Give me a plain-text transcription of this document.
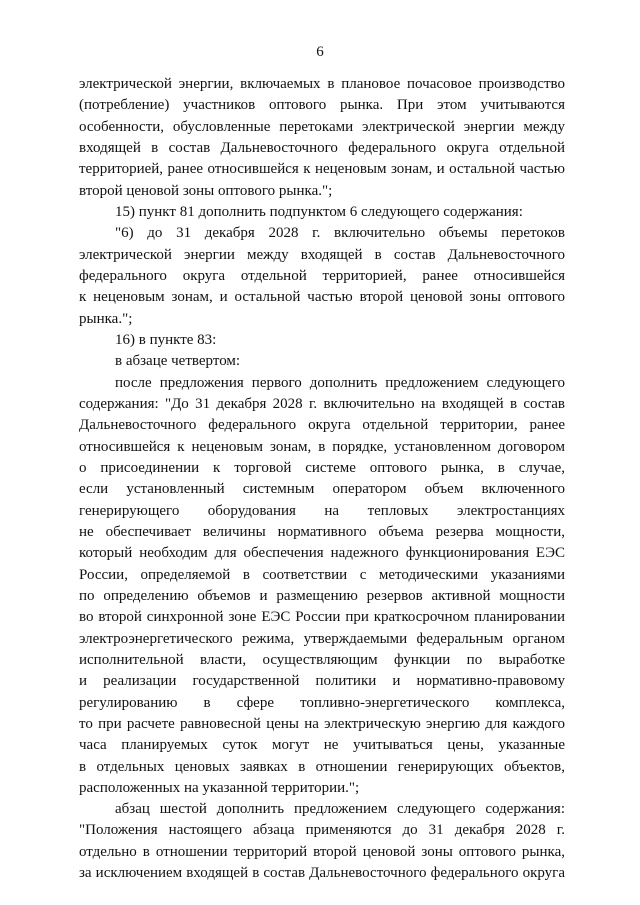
6
электрической энергии, включаемых в плановое почасовое производство
(потребление) участников оптового рынка. При этом учитываются
особенности, обусловленные перетоками электрической энергии между
входящей в состав Дальневосточного федерального округа отдельной
территорией, ранее относившейся к неценовым зонам, и остальной частью
второй ценовой зоны оптового рынка.";
15) пункт 81 дополнить подпунктом 6 следующего содержания:
"6) до 31 декабря 2028 г. включительно объемы перетоков
электрической энергии между входящей в состав Дальневосточного
федерального округа отдельной территорией, ранее относившейся
к неценовым зонам, и остальной частью второй ценовой зоны оптового
рынка.";
16) в пункте 83:
в абзаце четвертом:
после предложения первого дополнить предложением следующего
содержания: "До 31 декабря 2028 г. включительно на входящей в состав
Дальневосточного федерального округа отдельной территории, ранее
относившейся к неценовым зонам, в порядке, установленном договором
о присоединении к торговой системе оптового рынка, в случае,
если установленный системным оператором объем включенного
генерирующего оборудования на тепловых электростанциях
не обеспечивает величины нормативного объема резерва мощности,
который необходим для обеспечения надежного функционирования ЕЭС
России, определяемой в соответствии с методическими указаниями
по определению объемов и размещению резервов активной мощности
во второй синхронной зоне ЕЭС России при краткосрочном планировании
электроэнергетического режима, утверждаемыми федеральным органом
исполнительной власти, осуществляющим функции по выработке
и реализации государственной политики и нормативно-правовому
регулированию в сфере топливно-энергетического комплекса,
то при расчете равновесной цены на электрическую энергию для каждого
часа планируемых суток могут не учитываться цены, указанные
в отдельных ценовых заявках в отношении генерирующих объектов,
расположенных на указанной территории.";
абзац шестой дополнить предложением следующего содержания:
"Положения настоящего абзаца применяются до 31 декабря 2028 г.
отдельно в отношении территорий второй ценовой зоны оптового рынка,
за исключением входящей в состав Дальневосточного федерального округа
